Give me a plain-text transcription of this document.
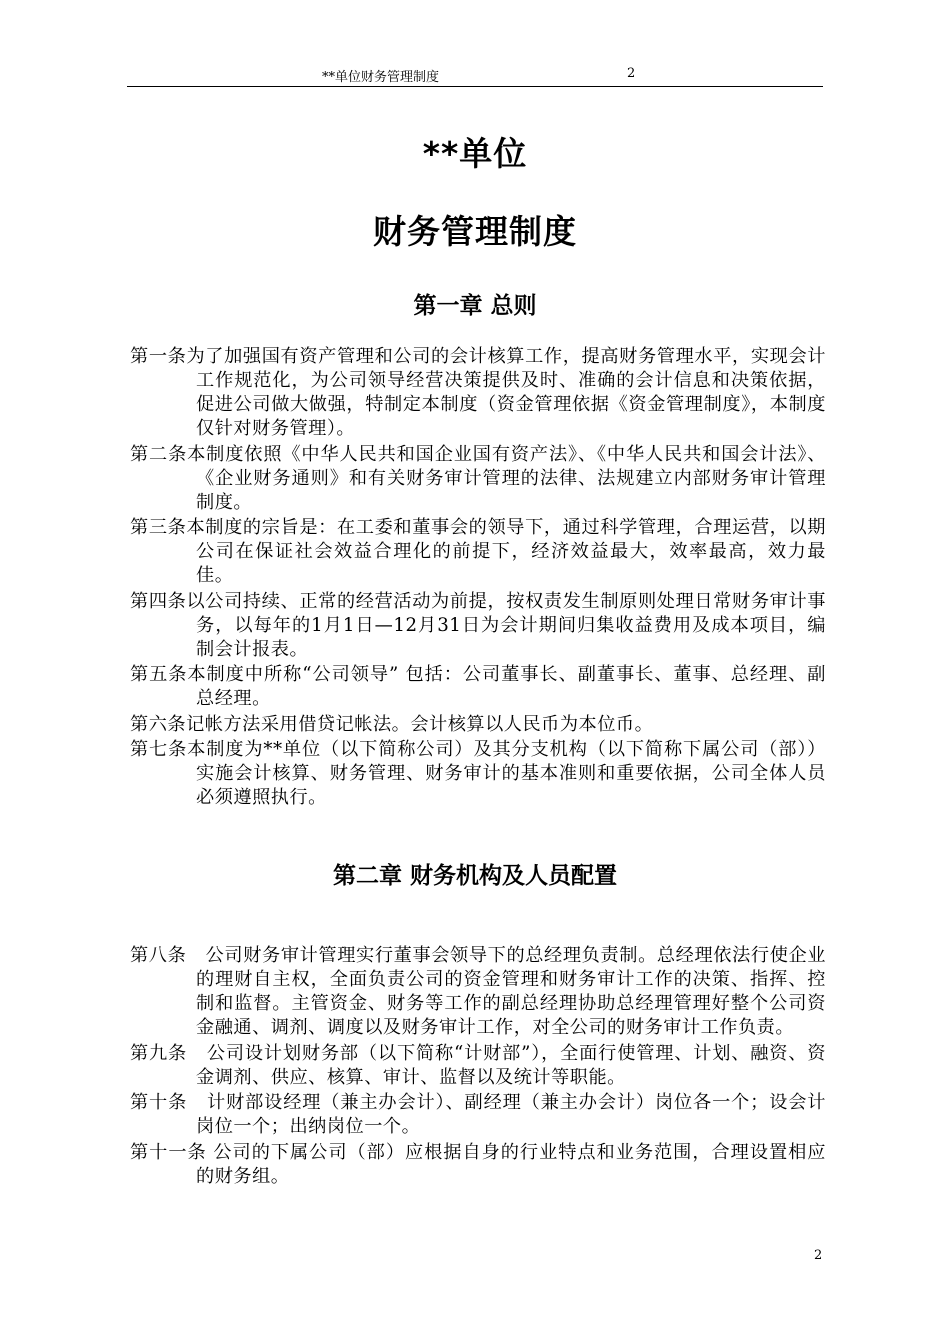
**单位财务管理制度	2
**单位
财务管理制度
第一章 总则

第一条为了加强国有资产管理和公司的会计核算工作，提高财务管理水平，实现会计工作规范化，为公司领导经营决策提供及时、准确的会计信息和决策依据，促进公司做大做强，特制定本制度（资金管理依据《资金管理制度》，本制度仅针对财务管理）。

第二条本制度依照《中华人民共和国企业国有资产法》、《中华人民共和国会计法》、《企业财务通则》和有关财务审计管理的法律、法规建立内部财务审计管理制度。

第三条本制度的宗旨是：在工委和董事会的领导下，通过科学管理，合理运营，以期公司在保证社会效益合理化的前提下，经济效益最大，效率最高，效力最佳。

第四条以公司持续、正常的经营活动为前提，按权责发生制原则处理日常财务审计事务，以每年的1月1日—12月31日为会计期间归集收益费用及成本项目，编制会计报表。

第五条本制度中所称“公司领导” 包括：公司董事长、副董事长、董事、总经理、副总经理。

第六条记帐方法采用借贷记帐法。会计核算以人民币为本位币。

第七条本制度为**单位（以下简称公司）及其分支机构（以下简称下属公司（部））实施会计核算、财务管理、财务审计的基本准则和重要依据，公司全体人员必须遵照执行。

第二章 财务机构及人员配置

第八条   公司财务审计管理实行董事会领导下的总经理负责制。总经理依法行使企业的理财自主权，全面负责公司的资金管理和财务审计工作的决策、指挥、控制和监督。主管资金、财务等工作的副总经理协助总经理管理好整个公司资金融通、调剂、调度以及财务审计工作，对全公司的财务审计工作负责。

第九条   公司设计划财务部（以下简称“计财部”），全面行使管理、计划、融资、资金调剂、供应、核算、审计、监督以及统计等职能。

第十条   计财部设经理（兼主办会计）、副经理（兼主办会计）岗位各一个；设会计岗位一个；出纳岗位一个。

第十一条 公司的下属公司（部）应根据自身的行业特点和业务范围，合理设置相应的财务组。

2
